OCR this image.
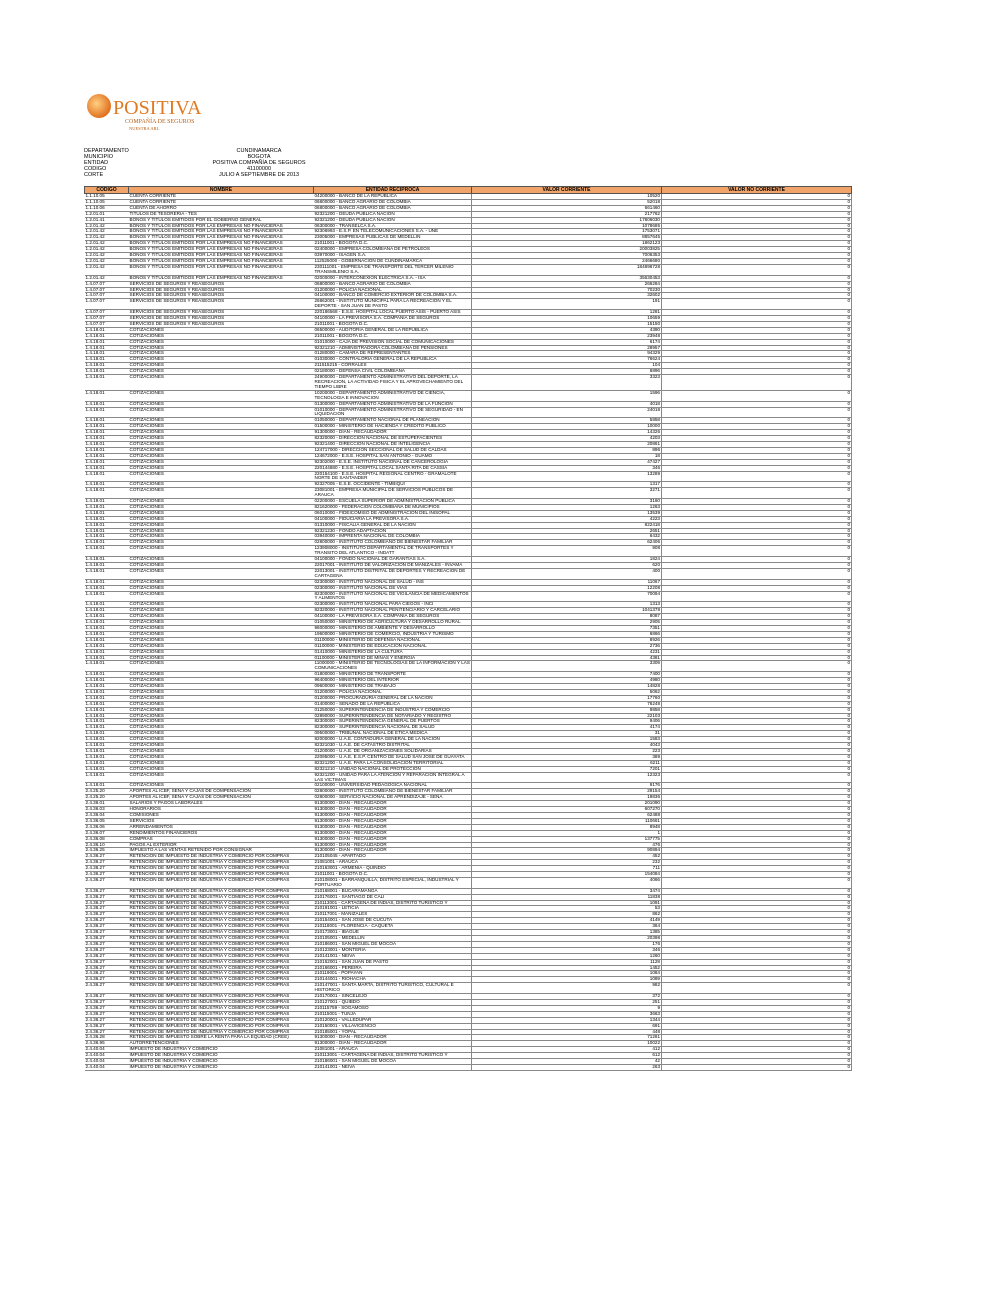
POSITIVA
COMPAÑÍA DE SEGUROS
NUESTRA ARL
DEPARTAMENTO	CUNDINAMARCA
MUNICIPIO	BOGOTA
ENTIDAD	POSITIVA COMPAÑÍA DE SEGUROS
CODIGO	41100000
CORTE	JULIO A SEPTIEMBRE DE 2013
CODIGO	NOMBRE	ENTIDAD RECIPROCA	VALOR CORRIENTE	VALOR NO CORRIENTE
1.1.10.05	CUENTA CORRIENTE	04200000 - BANCO DE LA REPUBLICA	10520	0
1.1.10.05	CUENTA CORRIENTE	06800000 - BANCO AGRARIO DE COLOMBIA	52018	0
1.1.10.06	CUENTA DE AHORRO	06800000 - BANCO AGRARIO DE COLOMBIA	661460	0
1.2.01.01	TITULOS DE TESORERIA - TES	92321200 - DEUDA PUBLICA NACION	217762	0
1.2.01.41	BONOS Y TITULOS EMITIDOS POR EL GOBIERNO GENERAL	92321200 - DEUDA PUBLICA NACION	17806030	0
1.2.01.42	BONOS Y TITULOS EMITIDOS POR LAS EMPRESAS NO FINANCIERAS	06300000 - TRANSELCA S.A.	1078685	0
1.2.01.42	BONOS Y TITULOS EMITIDOS POR LAS EMPRESAS NO FINANCIERAS	92306993 - E.S.P. EN TELECOMUNICACIONES S.A. - UNE	1753071	0
1.2.01.42	BONOS Y TITULOS EMITIDOS POR LAS EMPRESAS NO FINANCIERAS	23005000 - EMPRESAS PUBLICAS DE MEDELLIN	8857645	0
1.2.01.42	BONOS Y TITULOS EMITIDOS POR LAS EMPRESAS NO FINANCIERAS	21011001 - BOGOTA D.C.	1862123	0
1.2.01.42	BONOS Y TITULOS EMITIDOS POR LAS EMPRESAS NO FINANCIERAS	02400000 - EMPRESA COLOMBIANA DE PETROLEOS	20003825	0
1.2.01.42	BONOS Y TITULOS EMITIDOS POR LAS EMPRESAS NO FINANCIERAS	03970000 - ISAGEN S.A.	7006353	0
1.2.01.42	BONOS Y TITULOS EMITIDOS POR LAS EMPRESAS NO FINANCIERAS	112525000 - GOBERNACION DE CUNDINAMARCA	2466680	0
1.2.01.42	BONOS Y TITULOS EMITIDOS POR LAS EMPRESAS NO FINANCIERAS	230111001 - EMPRESA DE TRANSPORTE DEL TERCER MILENIO TRANSMILENIO S.A.	184896728	0
1.2.01.42	BONOS Y TITULOS EMITIDOS POR LAS EMPRESAS NO FINANCIERAS	02000000 - INTERCONEXION ELECTRICA S.A. - ISA	35630453	0
1.4.07.07	SERVICIOS DE SEGUROS Y REASEGUROS	06800000 - BANCO AGRARIO DE COLOMBIA	266284	0
1.4.07.07	SERVICIOS DE SEGUROS Y REASEGUROS	01200000 - POLICIA NACIONAL	70230	0
1.4.07.07	SERVICIOS DE SEGUROS Y REASEGUROS	04100000 - BANCO DE COMERCIO EXTERIOR DE COLOMBIA S.A.	32602	0
1.4.07.07	SERVICIOS DE SEGUROS Y REASEGUROS	26862001 - INSTITUTO MUNICIPAL PARA LA RECREACION Y EL DEPORTE - SAN JUAN DE PASTO	191	0
1.4.07.07	SERVICIOS DE SEGUROS Y REASEGUROS	220186568 - E.S.E. HOSPITAL LOCAL PUERTO ASIS - PUERTO ASIS	1281	0
1.4.07.07	SERVICIOS DE SEGUROS Y REASEGUROS	04100000 - LA PREVISORA S.A. COMPAÑÍA DE SEGUROS	10659	0
1.4.07.07	SERVICIOS DE SEGUROS Y REASEGUROS	21011001 - BOGOTA D.C.	15150	0
1.4.18.01	COTIZACIONES	06500000 - AUDITORIA GENERAL DE LA REPUBLICA	4390	0
1.4.18.01	COTIZACIONES	21011001 - BOGOTA D.C.	23948	0
1.4.18.01	COTIZACIONES	01010000 - CAJA DE PREVISION SOCIAL DE COMUNICACIONES	6174	0
1.4.18.01	COTIZACIONES	92321210 - ADMINISTRADORA COLOMBIANA DE PENSIONES	28957	0
1.4.18.01	COTIZACIONES	01280000 - CAMARA DE REPRESENTANTES	94329	0
1.4.18.01	COTIZACIONES	01030000 - CONTRALORIA GENERAL DE LA REPUBLICA	76624	0
1.4.18.01	COTIZACIONES	211515215 - CORRALES	104	0
1.4.18.01	COTIZACIONES	02180000 - DEFENSA CIVIL COLOMBIANA	6896	0
1.4.18.01	COTIZACIONES	24900000 - DEPARTAMENTO ADMINISTRATIVO DEL DEPORTE, LA RECREACION, LA ACTIVIDAD FISICA Y EL APROVECHAMIENTO DEL TIEMPO LIBRE	3323	0
1.4.18.01	COTIZACIONES	10200000 - DEPARTAMENTO ADMINISTRATIVO DE CIENCIA, TECNOLOGIA E INNOVACION	1596	0
1.4.18.01	COTIZACIONES	01300000 - DEPARTAMENTO ADMINISTRATIVO DE LA FUNCION	4018	0
1.4.18.01	COTIZACIONES	01010000 - DEPARTAMENTO ADMINISTRATIVO DE SEGURIDAD - EN LIQUIDACION	24018	0
1.4.18.01	COTIZACIONES	01050000 - DEPARTAMENTO NACIONAL DE PLANEACION	5858	0
1.4.18.01	COTIZACIONES	01500000 - MINISTERIO DE HACIENDA Y CREDITO PUBLICO	10000	0
1.4.18.01	COTIZACIONES	91300000 - DIAN - RECAUDADOR	14326	0
1.4.18.01	COTIZACIONES	82320000 - DIRECCION NACIONAL DE ESTUPEFACIENTES	4203	0
1.4.18.01	COTIZACIONES	92321400 - DIRECCION NACIONAL DE INTELIGENCIA	20861	0
1.4.18.01	COTIZACIONES	124717000 - DIRECCION SECCIONAL DE SALUD DE CALDAS	896	0
1.4.18.01	COTIZACIONES	124672000 - E.S.E. HOSPITAL SAN ANTONIO - GUAMO	18	0
1.4.18.01	COTIZACIONES	92302000 - E.S.E. INSTITUTO NACIONAL DE CANCEROLOGIA	47427	0
1.4.18.01	COTIZACIONES	220144880 - E.S.E. HOSPITAL LOCAL SANTA RITA DE CASSIA	346	0
1.4.18.01	COTIZACIONES	220154100 - E.S.E. HOSPITAL REGIONAL CENTRO - GRAMALOTE NORTE DE SANTANDER	13289	0
1.4.18.01	COTIZACIONES	92327005 - E.S.E. OCCIDENTE - TIMBIQUI	1317	0
1.4.18.01	COTIZACIONES	23081001 - EMPRESA MUNICIPAL DE SERVICIOS PUBLICOS DE ARAUCA	3271	0
1.4.18.01	COTIZACIONES	02200000 - ESCUELA SUPERIOR DE ADMINISTRACION PUBLICA	3160	0
1.4.18.01	COTIZACIONES	821620000 - FEDERACION COLOMBIANA DE MUNICIPIOS	1263	0
1.4.18.01	COTIZACIONES	06010000 - FIDEICOMISO DE ADMINISTRACION DEL INISOPAL	13539	0
1.4.18.01	COTIZACIONES	04100000 - FIDUCIARIA LA PREVISORA S.A.	4223	0
1.4.18.01	COTIZACIONES	01310000 - FISCALIA GENERAL DE LA NACION	822418	0
1.4.18.01	COTIZACIONES	92321230 - FONDO ADAPTACION	2651	0
1.4.18.01	COTIZACIONES	03940000 - IMPRENTA NACIONAL DE COLOMBIA	6432	0
1.4.18.01	COTIZACIONES	02800000 - INSTITUTO COLOMBIANO DE BIENESTAR FAMILIAR	62406	0
1.4.18.01	COTIZACIONES	123908000 - INSTITUTO DEPARTAMENTAL DE TRANSPORTES Y TRANSITO DEL ATLANTICO - INDATT	908	0
1.4.18.01	COTIZACIONES	04100000 - FONDO NACIONAL DE GARANTIAS S.A.	1824	0
1.4.18.01	COTIZACIONES	22017001 - INSTITUTO DE VALORIZACION DE MANIZALES - INVAMA	620	0
1.4.18.01	COTIZACIONES	22013001 - INSTITUTO DISTRITAL DE DEPORTES Y RECREACION DE CARTAGENA	400	0
1.4.18.01	COTIZACIONES	02300000 - INSTITUTO NACIONAL DE SALUD - INS	11067	0
1.4.18.01	COTIZACIONES	02300000 - INSTITUTO NACIONAL DE VIAS	12208	0
1.4.18.01	COTIZACIONES	82300000 - INSTITUTO NACIONAL DE VIGILANCIA DE MEDICAMENTOS Y ALIMENTOS	70094	0
1.4.18.01	COTIZACIONES	02300000 - INSTITUTO NACIONAL PARA CIEGOS - INCI	1313	0
1.4.18.01	COTIZACIONES	82320000 - INSTITUTO NACIONAL PENITENCIARIO Y CARCELARIO	1041378	0
1.4.18.01	COTIZACIONES	04100000 - LA PREVISORA S.A. COMPAÑÍA DE SEGUROS	8087	0
1.4.18.01	COTIZACIONES	01050000 - MINISTERIO DE AGRICULTURA Y DESARROLLO RURAL	2905	0
1.4.18.01	COTIZACIONES	96000000 - MINISTERIO DE AMBIENTE Y DESARROLLO	7351	0
1.4.18.01	COTIZACIONES	19600000 - MINISTERIO DE COMERCIO, INDUSTRIA Y TURISMO	6866	0
1.4.18.01	COTIZACIONES	01100000 - MINISTERIO DE DEFENSA NACIONAL	8926	0
1.4.18.01	COTIZACIONES	01100000 - MINISTERIO DE EDUCACION NACIONAL	2736	0
1.4.18.01	COTIZACIONES	01410000 - MINISTERIO DE LA CULTURA	4231	0
1.4.18.01	COTIZACIONES	01100000 - MINISTERIO DE MINAS Y ENERGIA	4381	0
1.4.18.01	COTIZACIONES	11000000 - MINISTERIO DE TECNOLOGIAS DE LA INFORMACION Y LAS COMUNICACIONES	3309	0
1.4.18.01	COTIZACIONES	01800000 - MINISTERIO DE TRANSPORTE	7400	0
1.4.18.01	COTIZACIONES	96400000 - MINISTERIO DEL INTERIOR	4980	0
1.4.18.01	COTIZACIONES	09600000 - MINISTERIO DE TRABAJO	14828	0
1.4.18.01	COTIZACIONES	01200000 - POLICIA NACIONAL	5062	0
1.4.18.01	COTIZACIONES	01200000 - PROCURADURIA GENERAL DE LA NACION	17760	0
1.4.18.01	COTIZACIONES	01400000 - SENADO DE LA REPUBLICA	76248	0
1.4.18.01	COTIZACIONES	01250000 - SUPERINTENDENCIA DE INDUSTRIA Y COMERCIO	9858	0
1.4.18.01	COTIZACIONES	02890000 - SUPERINTENDENCIA DE NOTARIADO Y REGISTRO	22103	0
1.4.18.01	COTIZACIONES	82300000 - SUPERINTENDENCIA GENERAL DE PUERTOS	9406	0
1.4.18.01	COTIZACIONES	82300000 - SUPERINTENDENCIA NACIONAL DE SALUD	4174	0
1.4.18.01	COTIZACIONES	09500000 - TRIBUNAL NACIONAL DE ETICA MEDICA	31	0
1.4.18.01	COTIZACIONES	82000000 - U.A.E. CONTADURIA GENERAL DE LA NACION	1583	0
1.4.18.01	COTIZACIONES	82321030 - U.A.E. DE CATASTRO DISTRITAL	4043	0
1.4.18.01	COTIZACIONES	01200000 - U.A.E. DE ORGANIZACIONES SOLIDARIAS	223	0
1.4.18.01	COTIZACIONES	22095000 - U.A.E. E.S.P. CENTRO DE SALUD SAN JOSE DE GUAYATA	389	0
1.4.18.01	COTIZACIONES	82321200 - U.A.E. PARA LA CONSOLIDACION TERRITORIAL	6211	0
1.4.18.01	COTIZACIONES	82321210 - UNIDAD NACIONAL DE PROTECCION	7201	0
1.4.18.01	COTIZACIONES	92321200 - UNIDAD PARA LA ATENCION Y REPARACION INTEGRAL A LAS VICTIMAS	12323	0
1.4.18.01	COTIZACIONES	02100000 - UNIVERSIDAD PEDAGOGICA NACIONAL	9176	0
2.4.25.20	APORTES AL ICBF, SENA Y CAJAS DE COMPENSACION	02800000 - INSTITUTO COLOMBIANO DE BIENESTAR FAMILIAR	29154	0
2.4.25.20	APORTES AL ICBF, SENA Y CAJAS DE COMPENSACION	02800000 - SERVICIO NACIONAL DE APRENDIZAJE - SENA	19836	0
2.4.36.01	SALARIOS Y PAGOS LABORALES	91300000 - DIAN - RECAUDADOR	201090	0
2.4.36.03	HONORARIOS	91300000 - DIAN - RECAUDADOR	607270	0
2.4.36.04	COMISIONES	91300000 - DIAN - RECAUDADOR	62488	0
2.4.36.05	SERVICIOS	91300000 - DIAN - RECAUDADOR	110661	0
2.4.36.06	ARRENDAMIENTOS	91300000 - DIAN - RECAUDADOR	8948	0
2.4.36.07	RENDIMIENTOS FINANCIEROS	91300000 - DIAN - RECAUDADOR	1	0
2.4.36.08	COMPRAS	91300000 - DIAN - RECAUDADOR	137775	0
2.4.36.10	PAGOS AL EXTERIOR	91300000 - DIAN - RECAUDADOR	476	0
2.4.36.25	IMPUESTO A LAS VENTAS RETENIDO POR CONSIGNAR	91300000 - DIAN - RECAUDADOR	90894	0
2.4.36.27	RETENCION DE IMPUESTO DE INDUSTRIA Y COMERCIO POR COMPRAS	210105045 - APARTADO	452	0
2.4.36.27	RETENCION DE IMPUESTO DE INDUSTRIA Y COMERCIO POR COMPRAS	21081001 - ARAUCA	232	0
2.4.36.27	RETENCION DE IMPUESTO DE INDUSTRIA Y COMERCIO POR COMPRAS	210163001 - ARMENIA - QUINDIO	711	0
2.4.36.27	RETENCION DE IMPUESTO DE INDUSTRIA Y COMERCIO POR COMPRAS	21011001 - BOGOTA D.C.	154084	0
2.4.36.27	RETENCION DE IMPUESTO DE INDUSTRIA Y COMERCIO POR COMPRAS	210108001 - BARRANQUILLA, DISTRITO ESPECIAL, INDUSTRIAL Y PORTUARIO	4066	0
2.4.36.27	RETENCION DE IMPUESTO DE INDUSTRIA Y COMERCIO POR COMPRAS	210168001 - BUCARAMANGA	3474	0
2.4.36.27	RETENCION DE IMPUESTO DE INDUSTRIA Y COMERCIO POR COMPRAS	210176001 - SANTIAGO DE CALI	11838	0
2.4.36.27	RETENCION DE IMPUESTO DE INDUSTRIA Y COMERCIO POR COMPRAS	210113001 - CARTAGENA DE INDIAS, DISTRITO TURISTICO Y	1091	0
2.4.36.27	RETENCION DE IMPUESTO DE INDUSTRIA Y COMERCIO POR COMPRAS	210191001 - LETICIA	53	0
2.4.36.27	RETENCION DE IMPUESTO DE INDUSTRIA Y COMERCIO POR COMPRAS	210117001 - MANIZALES	862	0
2.4.36.27	RETENCION DE IMPUESTO DE INDUSTRIA Y COMERCIO POR COMPRAS	210154001 - SAN JOSE DE CUCUTA	4149	0
2.4.36.27	RETENCION DE IMPUESTO DE INDUSTRIA Y COMERCIO POR COMPRAS	210118001 - FLORENCIA - CAQUETA	364	0
2.4.36.27	RETENCION DE IMPUESTO DE INDUSTRIA Y COMERCIO POR COMPRAS	210173001 - IBAGUE	1385	0
2.4.36.27	RETENCION DE IMPUESTO DE INDUSTRIA Y COMERCIO POR COMPRAS	210105001 - MEDELLIN	20398	0
2.4.36.27	RETENCION DE IMPUESTO DE INDUSTRIA Y COMERCIO POR COMPRAS	210186001 - SAN MIGUEL DE MOCOA	176	0
2.4.36.27	RETENCION DE IMPUESTO DE INDUSTRIA Y COMERCIO POR COMPRAS	210123001 - MONTERIA	346	0
2.4.36.27	RETENCION DE IMPUESTO DE INDUSTRIA Y COMERCIO POR COMPRAS	210141001 - NEIVA	1260	0
2.4.36.27	RETENCION DE IMPUESTO DE INDUSTRIA Y COMERCIO POR COMPRAS	210152001 - SAN JUAN DE PASTO	1128	0
2.4.36.27	RETENCION DE IMPUESTO DE INDUSTRIA Y COMERCIO POR COMPRAS	210166001 - PEREIRA	1452	0
2.4.36.27	RETENCION DE IMPUESTO DE INDUSTRIA Y COMERCIO POR COMPRAS	210119001 - POPAYAN	1084	0
2.4.36.27	RETENCION DE IMPUESTO DE INDUSTRIA Y COMERCIO POR COMPRAS	210144001 - RIOHACHA	1089	0
2.4.36.27	RETENCION DE IMPUESTO DE INDUSTRIA Y COMERCIO POR COMPRAS	210147001 - SANTA MARTA, DISTRITO TURISTICO, CULTURAL E HISTORICO	982	0
2.4.36.27	RETENCION DE IMPUESTO DE INDUSTRIA Y COMERCIO POR COMPRAS	210170001 - SINCELEJO	372	0
2.4.36.27	RETENCION DE IMPUESTO DE INDUSTRIA Y COMERCIO POR COMPRAS	210127001 - QUIBDO	251	0
2.4.36.27	RETENCION DE IMPUESTO DE INDUSTRIA Y COMERCIO POR COMPRAS	210115759 - SOGAMOSO	9	0
2.4.36.27	RETENCION DE IMPUESTO DE INDUSTRIA Y COMERCIO POR COMPRAS	210115001 - TUNJA	3663	0
2.4.36.27	RETENCION DE IMPUESTO DE INDUSTRIA Y COMERCIO POR COMPRAS	210120001 - VALLEDUPAR	1344	0
2.4.36.27	RETENCION DE IMPUESTO DE INDUSTRIA Y COMERCIO POR COMPRAS	210150001 - VILLAVICENCIO	691	0
2.4.36.27	RETENCION DE IMPUESTO DE INDUSTRIA Y COMERCIO POR COMPRAS	210185001 - YOPAL	448	0
2.4.36.28	RETENCION DE IMPUESTO SOBRE LA RENTA PARA LA EQUIDAD (CREE)	91300000 - DIAN - RECAUDADOR	71281	0
2.4.36.95	AUTORRETENCIONES	91300000 - DIAN - RECAUDADOR	10022	0
2.4.40.04	IMPUESTO DE INDUSTRIA Y COMERCIO	21081001 - ARAUCA	412	0
2.4.40.04	IMPUESTO DE INDUSTRIA Y COMERCIO	210113001 - CARTAGENA DE INDIAS, DISTRITO TURISTICO Y	612	0
2.4.40.04	IMPUESTO DE INDUSTRIA Y COMERCIO	210186001 - SAN MIGUEL DE MOCOA	42	0
2.4.40.04	IMPUESTO DE INDUSTRIA Y COMERCIO	210141001 - NEIVA	263	0
